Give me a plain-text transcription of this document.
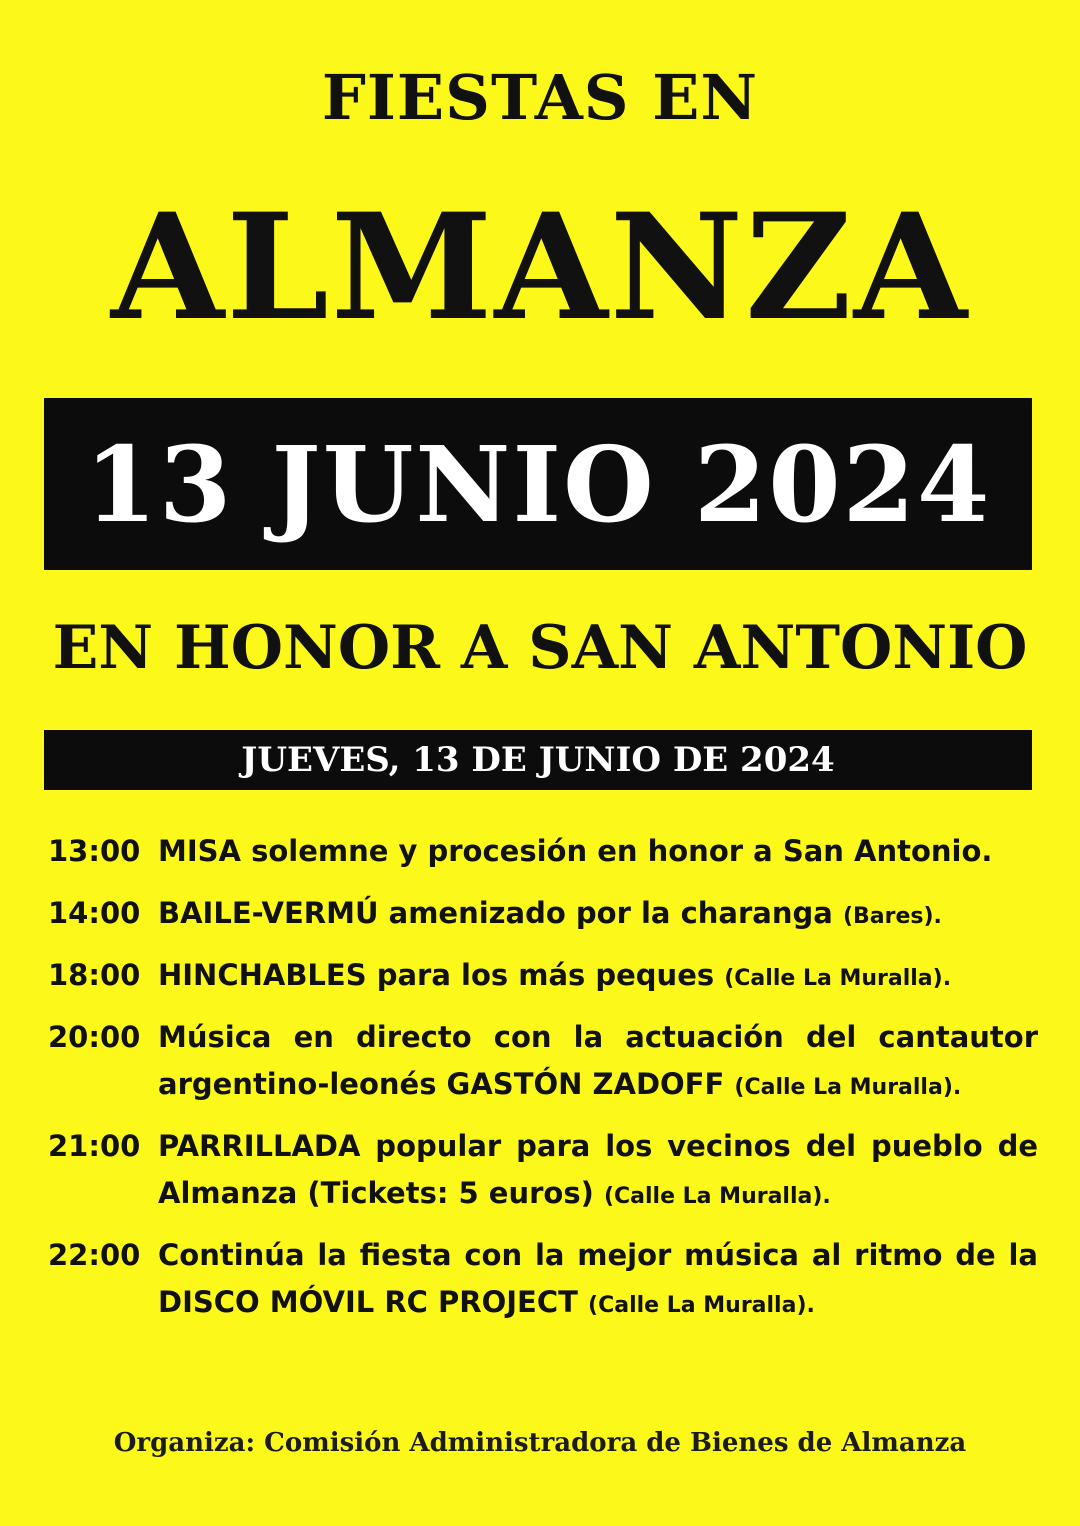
FIESTAS EN
ALMANZA
13 JUNIO 2024
EN HONOR A SAN ANTONIO
JUEVES, 13 DE JUNIO DE 2024
13:00 MISA solemne y procesión en honor a San Antonio.
14:00 BAILE-VERMÚ amenizado por la charanga (Bares).
18:00 HINCHABLES para los más peques (Calle La Muralla).
20:00 Música en directo con la actuación del cantautor argentino-leonés GASTÓN ZADOFF (Calle La Muralla).
21:00 PARRILLADA popular para los vecinos del pueblo de Almanza (Tickets: 5 euros) (Calle La Muralla).
22:00 Continúa la fiesta con la mejor música al ritmo de la DISCO MÓVIL RC PROJECT (Calle La Muralla).
Organiza: Comisión Administradora de Bienes de Almanza
